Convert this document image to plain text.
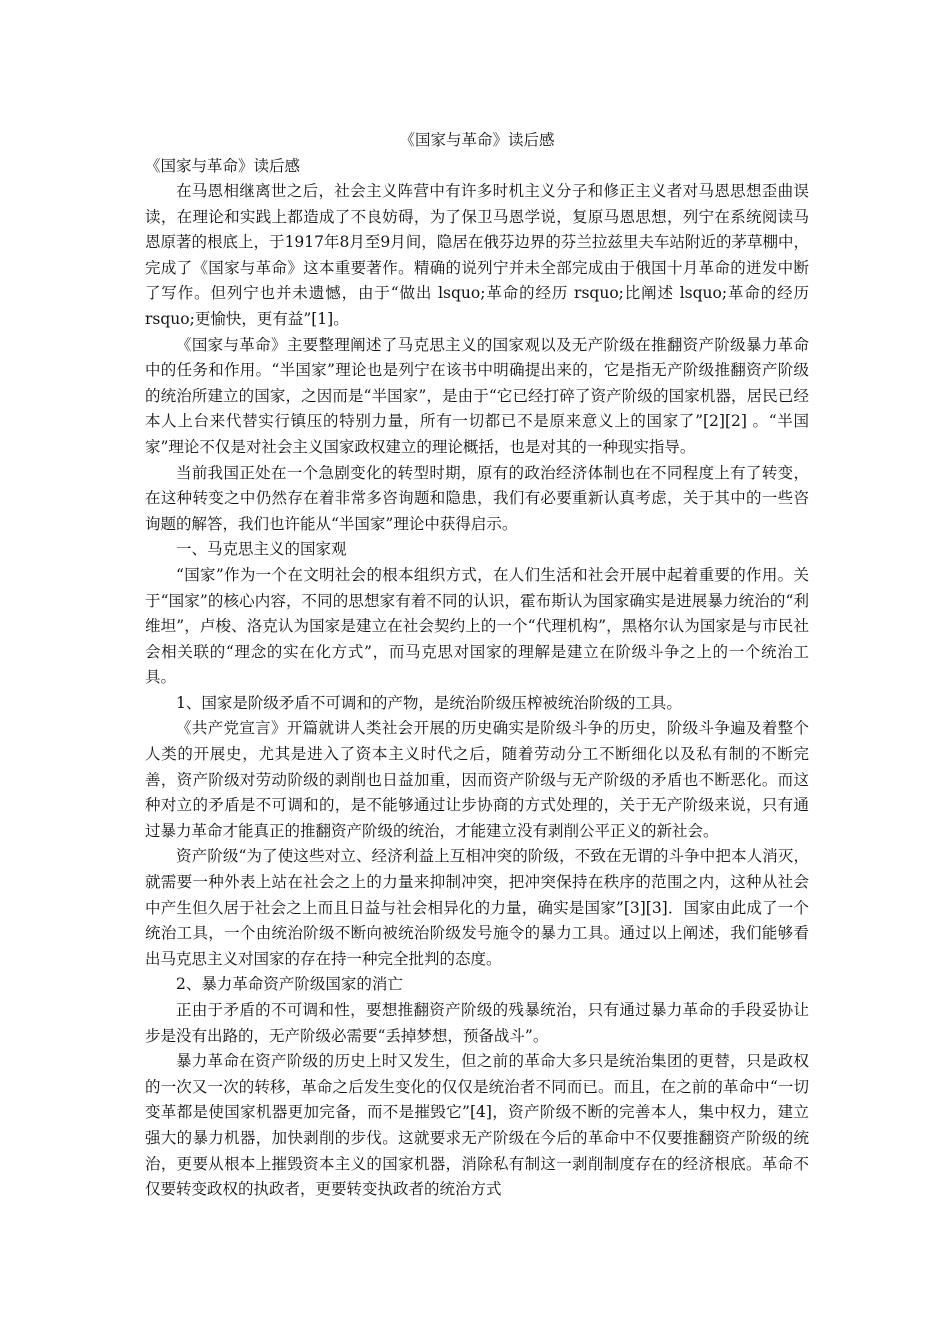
《国家与革命》读后感

《国家与革命》读后感

在马恩相继离世之后，社会主义阵营中有许多时机主义分子和修正主义者对马恩思想歪曲误读，在理论和实践上都造成了不良妨碍，为了保卫马恩学说，复原马恩思想，列宁在系统阅读马恩原著的根底上，于1917年8月至9月间，隐居在俄芬边界的芬兰拉兹里夫车站附近的茅草棚中，完成了《国家与革命》这本重要著作。精确的说列宁并未全部完成由于俄国十月革命的迸发中断了写作。但列宁也并未遗憾，由于“做出 lsquo;革命的经历 rsquo;比阐述 lsquo;革命的经历 rsquo;更愉快，更有益”[1]。

《国家与革命》主要整理阐述了马克思主义的国家观以及无产阶级在推翻资产阶级暴力革命中的任务和作用。“半国家”理论也是列宁在该书中明确提出来的，它是指无产阶级推翻资产阶级的统治所建立的国家，之因而是“半国家”，是由于“它已经打碎了资产阶级的国家机器，居民已经本人上台来代替实行镇压的特别力量，所有一切都已不是原来意义上的国家了”[2][2] 。“半国家”理论不仅是对社会主义国家政权建立的理论概括，也是对其的一种现实指导。

当前我国正处在一个急剧变化的转型时期，原有的政治经济体制也在不同程度上有了转变，在这种转变之中仍然存在着非常多咨询题和隐患，我们有必要重新认真考虑，关于其中的一些咨询题的解答，我们也许能从“半国家”理论中获得启示。

一、马克思主义的国家观

“国家”作为一个在文明社会的根本组织方式，在人们生活和社会开展中起着重要的作用。关于“国家”的核心内容，不同的思想家有着不同的认识，霍布斯认为国家确实是进展暴力统治的“利维坦”，卢梭、洛克认为国家是建立在社会契约上的一个“代理机构”，黑格尔认为国家是与市民社会相关联的“理念的实在化方式”，而马克思对国家的理解是建立在阶级斗争之上的一个统治工具。

1、国家是阶级矛盾不可调和的产物，是统治阶级压榨被统治阶级的工具。

《共产党宣言》开篇就讲人类社会开展的历史确实是阶级斗争的历史，阶级斗争遍及着整个人类的开展史，尤其是进入了资本主义时代之后，随着劳动分工不断细化以及私有制的不断完善，资产阶级对劳动阶级的剥削也日益加重，因而资产阶级与无产阶级的矛盾也不断恶化。而这种对立的矛盾是不可调和的，是不能够通过让步协商的方式处理的，关于无产阶级来说，只有通过暴力革命才能真正的推翻资产阶级的统治，才能建立没有剥削公平正义的新社会。

资产阶级“为了使这些对立、经济利益上互相冲突的阶级，不致在无谓的斗争中把本人消灭，就需要一种外表上站在社会之上的力量来抑制冲突，把冲突保持在秩序的范围之内，这种从社会中产生但久居于社会之上而且日益与社会相异化的力量，确实是国家”[3][3]．国家由此成了一个统治工具，一个由统治阶级不断向被统治阶级发号施令的暴力工具。通过以上阐述，我们能够看出马克思主义对国家的存在持一种完全批判的态度。

2、暴力革命资产阶级国家的消亡

正由于矛盾的不可调和性，要想推翻资产阶级的残暴统治，只有通过暴力革命的手段妥协让步是没有出路的，无产阶级必需要“丢掉梦想，预备战斗”。

暴力革命在资产阶级的历史上时又发生，但之前的革命大多只是统治集团的更替，只是政权的一次又一次的转移，革命之后发生变化的仅仅是统治者不同而已。而且，在之前的革命中“一切变革都是使国家机器更加完备，而不是摧毁它”[4]，资产阶级不断的完善本人，集中权力，建立强大的暴力机器，加快剥削的步伐。这就要求无产阶级在今后的革命中不仅要推翻资产阶级的统治，更要从根本上摧毁资本主义的国家机器，消除私有制这一剥削制度存在的经济根底。革命不仅要转变政权的执政者，更要转变执政者的统治方式
